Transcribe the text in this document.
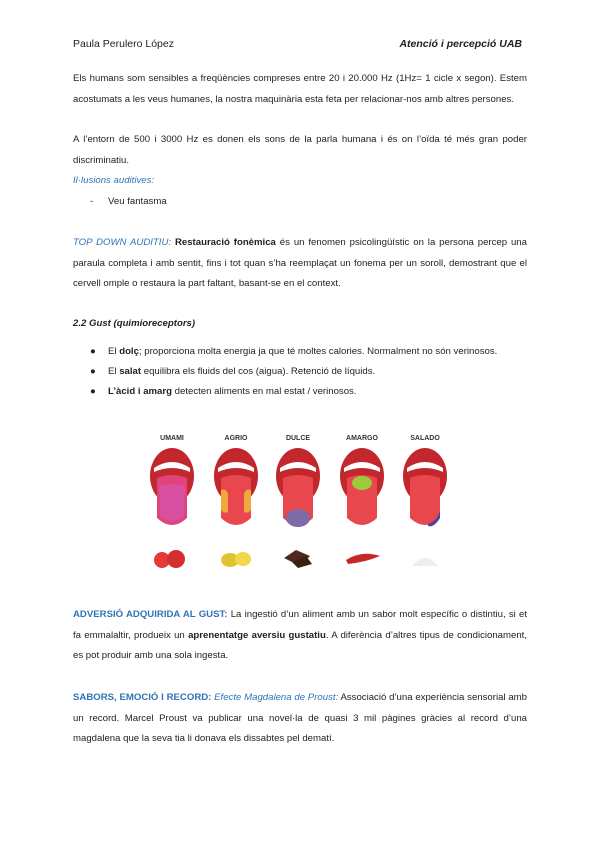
Paula Perulero López	Atenció i percepció UAB
Els humans som sensibles a freqüències compreses entre 20 i 20.000 Hz (1Hz= 1 cicle x segon). Estem acostumats a les veus humanes, la nostra maquinària esta feta per relacionar-nos amb altres persones.
A l’entorn de 500 i 3000 Hz es donen els sons de la parla humana i és on l’oïda té més gran poder discriminatiu.
Il·lusions auditives:
- Veu fantasma
TOP DOWN AUDITIU: Restauració fonèmica és un fenomen psicolingüístic on la persona percep una paraula completa i amb sentit, fins i tot quan s’ha reemplaçat un fonema per un soroll, demostrant que el cervell omple o restaura la part faltant, basant-se en el context.
2.2 Gust (quimioreceptors)
● El dolç; proporciona molta energia ja que té moltes calories. Normalment no són verinosos.
● El salat equilibra els fluids del cos (aigua). Retenció de líquids.
● L’àcid i amarg detecten aliments en mal estat / verinosos.
UMAMI	AGRIO	DULCE	AMARGO	SALADO
ADVERSIÓ ADQUIRIDA AL GUST: La ingestió d’un aliment amb un sabor molt específic o distintiu, si et fa emmalaltir, produeix un aprenentatge aversiu gustatiu. A diferència d’altres tipus de condicionament, es pot produir amb una sola ingesta.
SABORS, EMOCIÓ I RECORD: Efecte Magdalena de Proust: Associació d’una experiència sensorial amb un record. Marcel Proust va publicar una novel·la de quasi 3 mil pàgines gràcies al record d’una magdalena que la seva tia li donava els dissabtes pel dematí.
